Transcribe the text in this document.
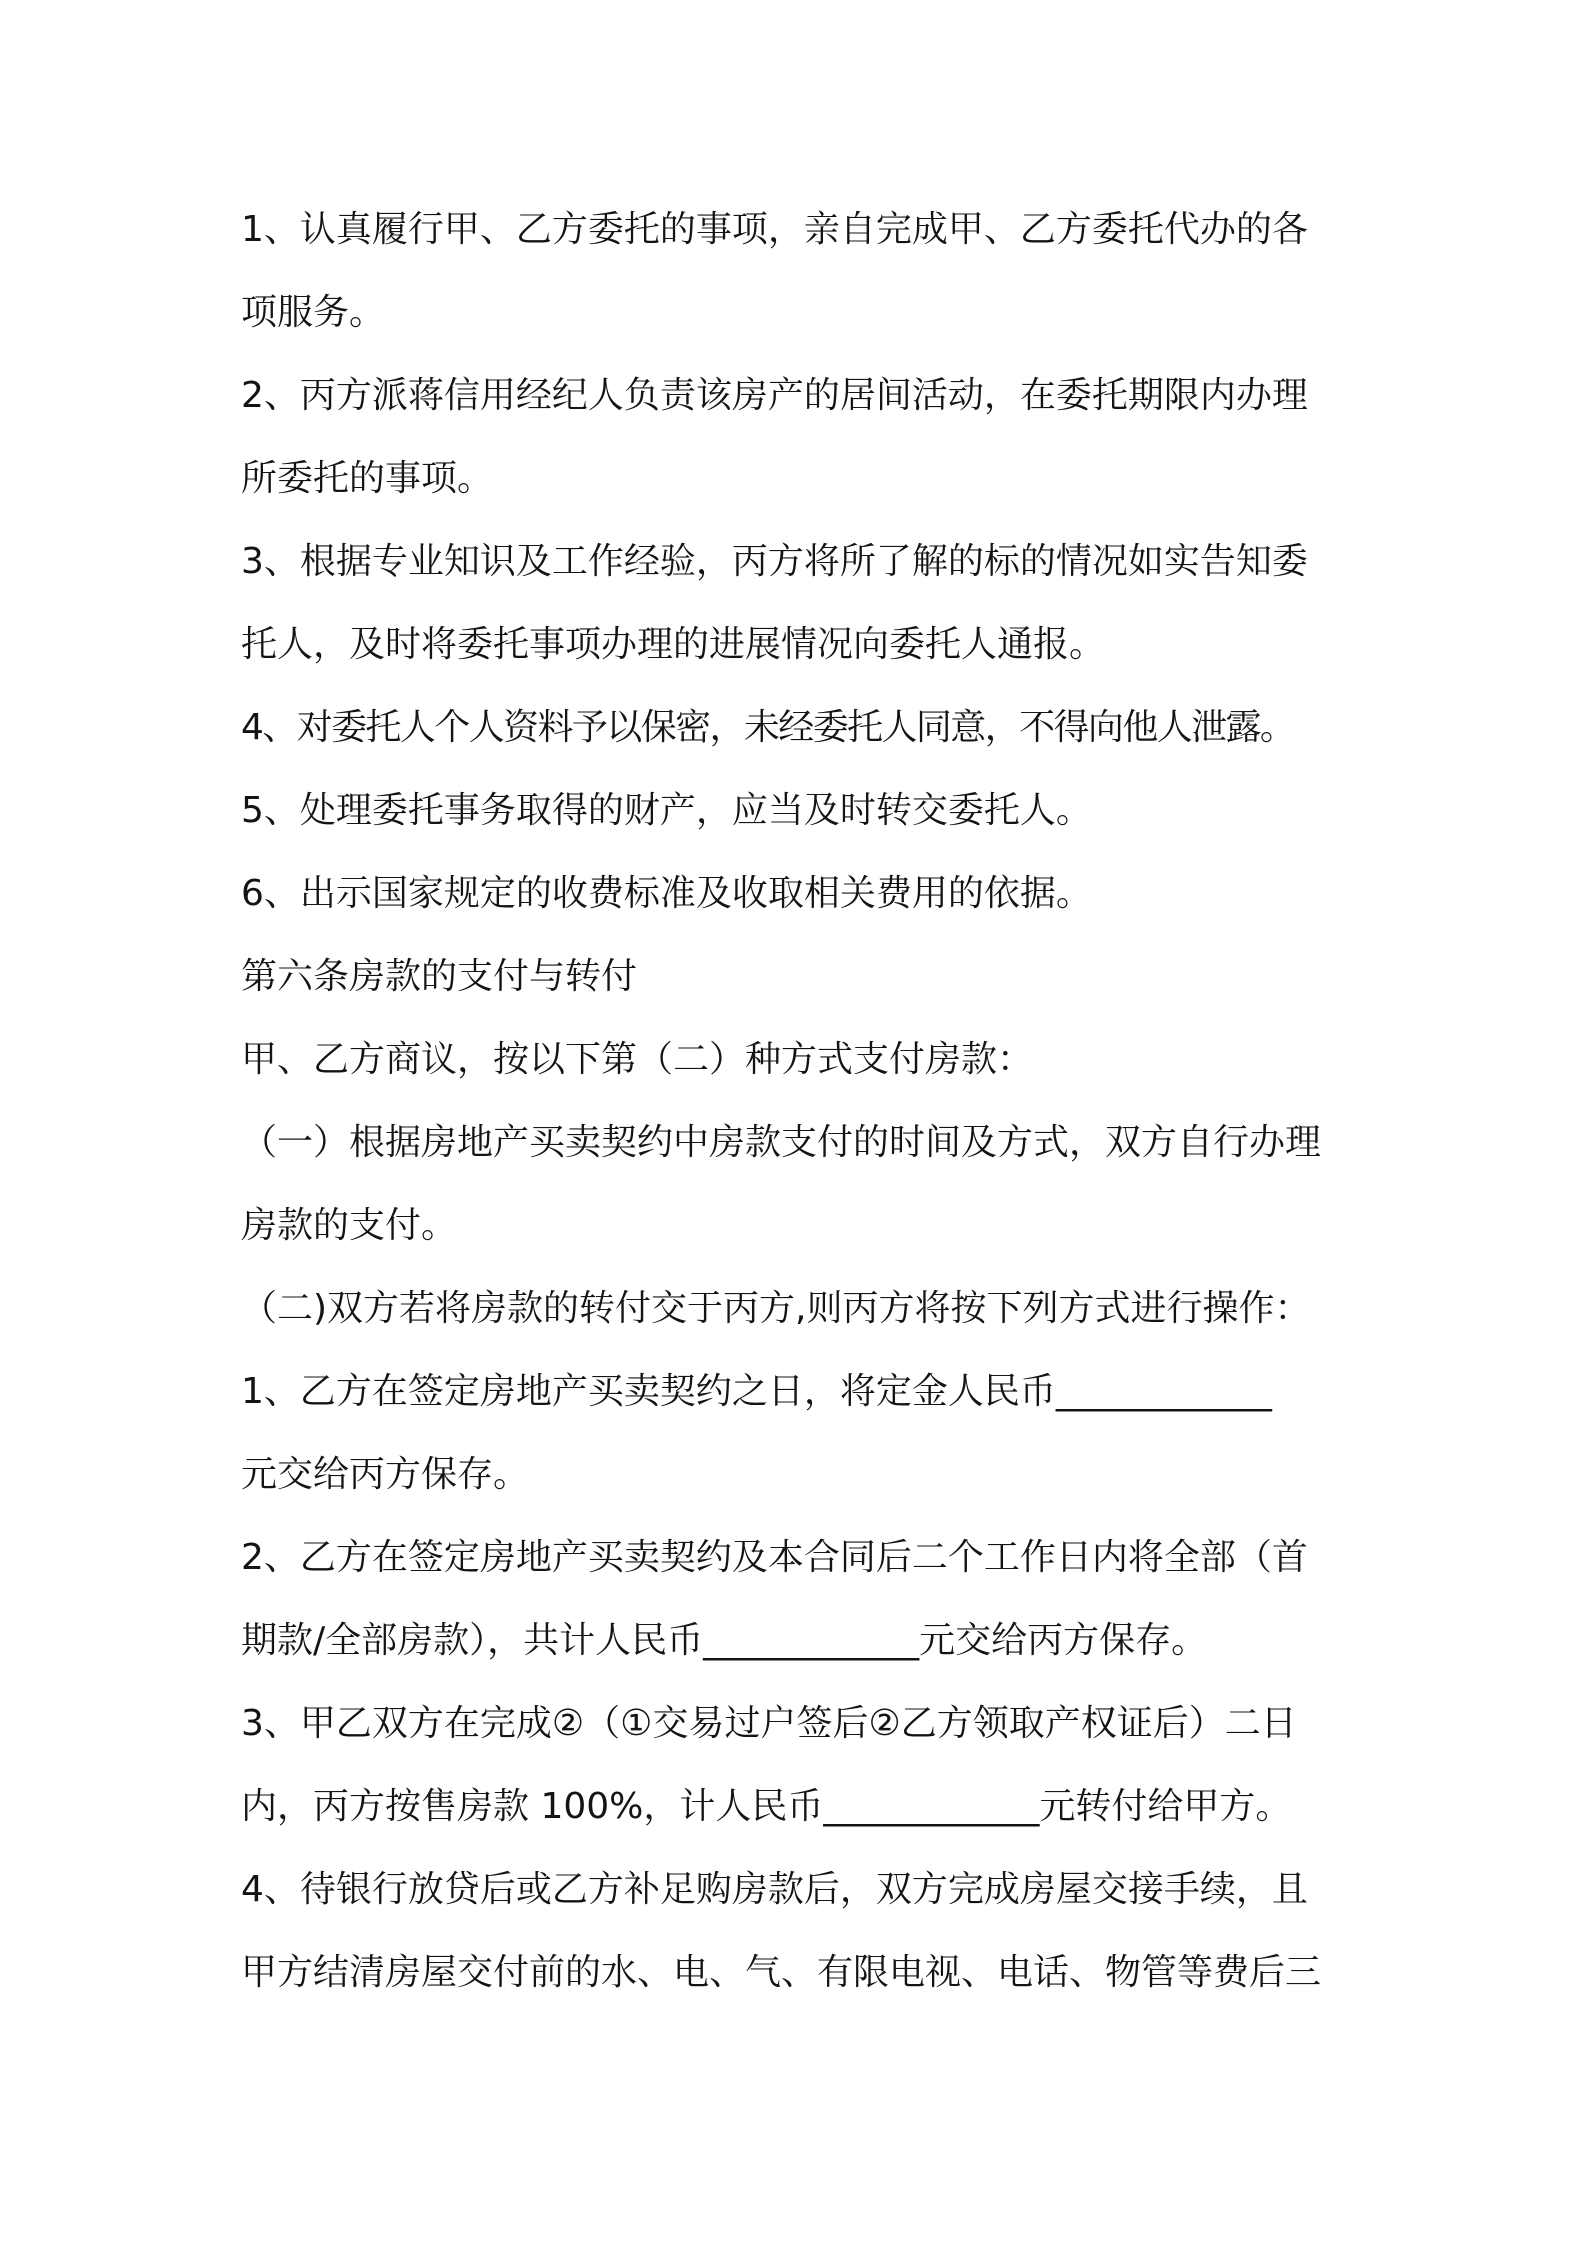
1、认真履行甲、乙方委托的事项，亲自完成甲、乙方委托代办的各

项服务。

2、丙方派蒋信用经纪人负责该房产的居间活动，在委托期限内办理

所委托的事项。

3、根据专业知识及工作经验，丙方将所了解的标的情况如实告知委

托人，及时将委托事项办理的进展情况向委托人通报。

4、对委托人个人资料予以保密，未经委托人同意，不得向他人泄露。

5、处理委托事务取得的财产，应当及时转交委托人。

6、出示国家规定的收费标准及收取相关费用的依据。

第六条房款的支付与转付

甲、乙方商议，按以下第（二）种方式支付房款：

（一）根据房地产买卖契约中房款支付的时间及方式，双方自行办理

房款的支付。

（二)双方若将房款的转付交于丙方,则丙方将按下列方式进行操作：

1、乙方在签定房地产买卖契约之日，将定金人民币____________

元交给丙方保存。

2、乙方在签定房地产买卖契约及本合同后二个工作日内将全部（首

期款/全部房款），共计人民币____________元交给丙方保存。

3、甲乙双方在完成②（①交易过户签后②乙方领取产权证后）二日

内，丙方按售房款 100%，计人民币____________元转付给甲方。

4、待银行放贷后或乙方补足购房款后，双方完成房屋交接手续，且

甲方结清房屋交付前的水、电、气、有限电视、电话、物管等费后三
